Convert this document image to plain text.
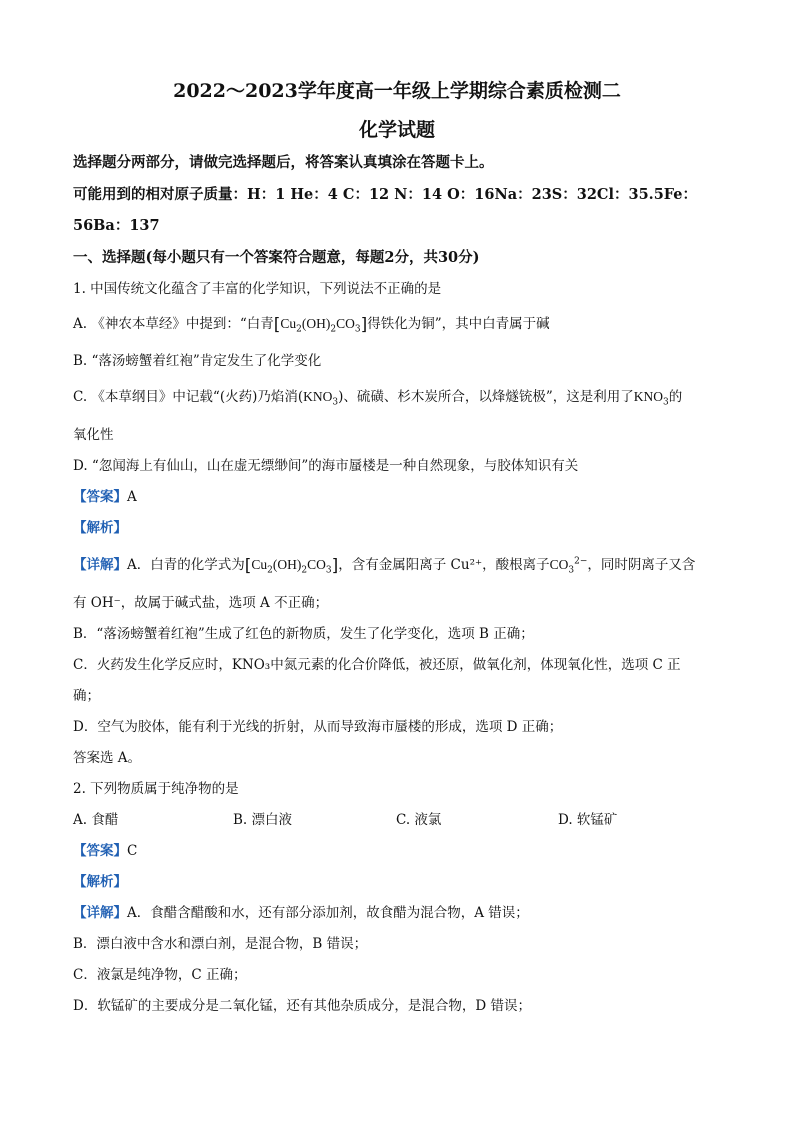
2022～2023学年度高一年级上学期综合素质检测二
化学试题
选择题分两部分，请做完选择题后，将答案认真填涂在答题卡上。
可能用到的相对原子质量：H：1 He：4 C：12 N：14 O：16Na：23S：32Cl：35.5Fe：
56Ba：137
一、选择题(每小题只有一个答案符合题意，每题2分，共30分)
1. 中国传统文化蕴含了丰富的化学知识，下列说法不正确的是
A. 《神农本草经》中提到：“白青$[Cu_2(OH)_2CO_3]$得铁化为铜”，其中白青属于碱
B. “落汤螃蟹着红袍”肯定发生了化学变化
C. 《本草纲目》中记载“(火药)乃焰消$(KNO_3)$、硫磺、杉木炭所合，以烽燧铳极”，这是利用了$KNO_3$的
氧化性
D. “忽闻海上有仙山，山在虚无缥缈间”的海市蜃楼是一种自然现象，与胶体知识有关
【答案】A
【解析】
【详解】A．白青的化学式为$[Cu_2(OH)_2CO_3]$，含有金属阳离子 Cu²⁺，酸根离子$CO_3^{2-}$，同时阴离子又含
有 OH⁻，故属于碱式盐，选项 A 不正确；
B．“落汤螃蟹着红袍”生成了红色的新物质，发生了化学变化，选项 B 正确；
C．火药发生化学反应时，KNO₃中氮元素的化合价降低，被还原，做氧化剂，体现氧化性，选项 C 正
确；
D．空气为胶体，能有利于光线的折射，从而导致海市蜃楼的形成，选项 D 正确；
答案选 A。
2. 下列物质属于纯净物的是
A. 食醋	B. 漂白液	C. 液氯	D. 软锰矿
【答案】C
【解析】
【详解】A．食醋含醋酸和水，还有部分添加剂，故食醋为混合物，A 错误；
B．漂白液中含水和漂白剂，是混合物，B 错误；
C．液氯是纯净物，C 正确；
D．软锰矿的主要成分是二氧化锰，还有其他杂质成分，是混合物，D 错误；
